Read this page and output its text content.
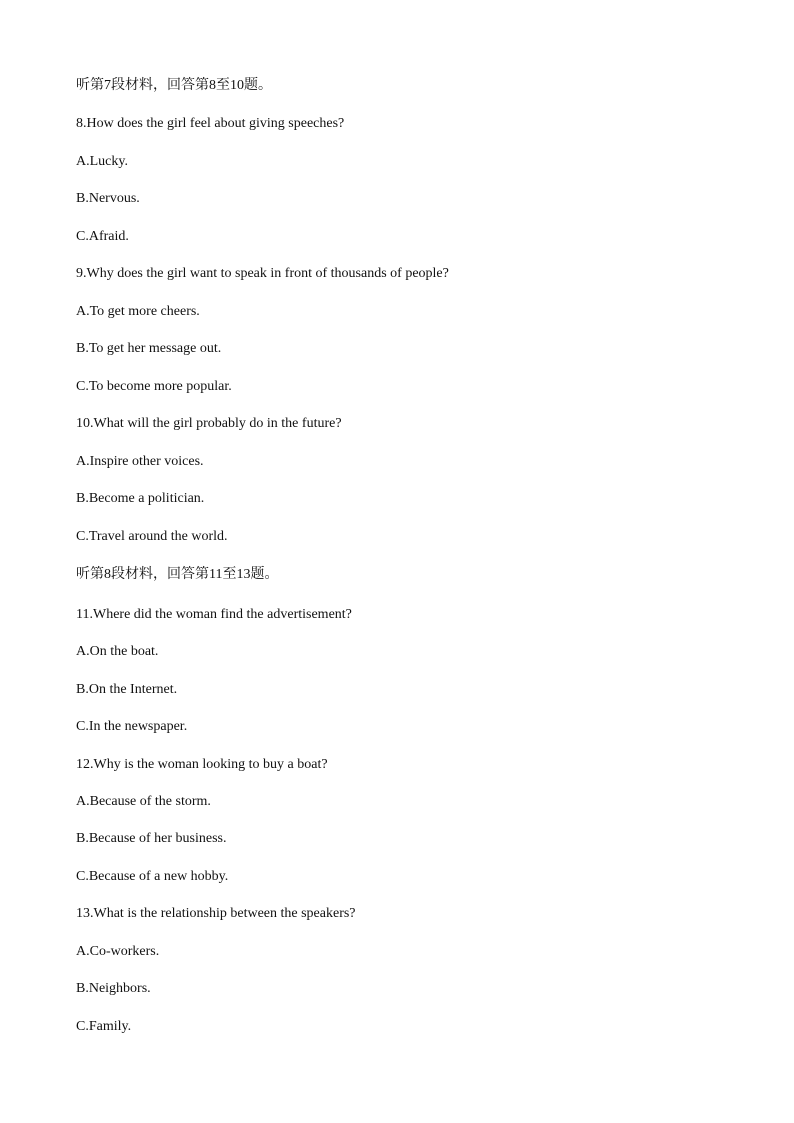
听第7段材料，回答第8至10题。
8.How does the girl feel about giving speeches?
A.Lucky.
B.Nervous.
C.Afraid.
9.Why does the girl want to speak in front of thousands of people?
A.To get more cheers.
B.To get her message out.
C.To become more popular.
10.What will the girl probably do in the future?
A.Inspire other voices.
B.Become a politician.
C.Travel around the world.
听第8段材料，回答第11至13题。
11.Where did the woman find the advertisement?
A.On the boat.
B.On the Internet.
C.In the newspaper.
12.Why is the woman looking to buy a boat?
A.Because of the storm.
B.Because of her business.
C.Because of a new hobby.
13.What is the relationship between the speakers?
A.Co-workers.
B.Neighbors.
C.Family.
